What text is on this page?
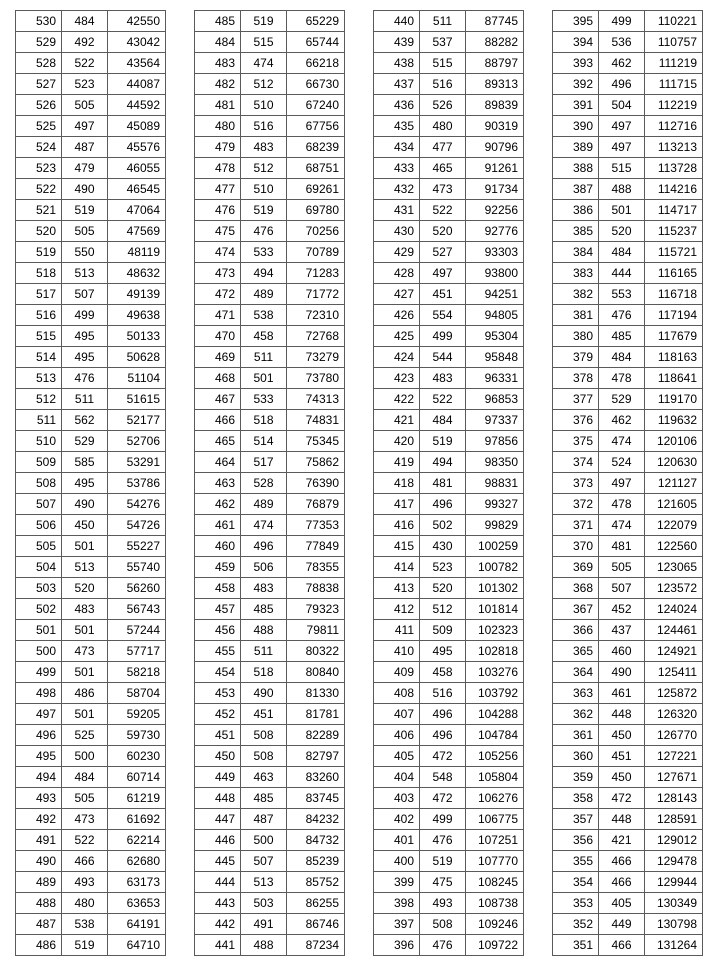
530	484	42550
529	492	43042
528	522	43564
527	523	44087
526	505	44592
525	497	45089
524	487	45576
523	479	46055
522	490	46545
521	519	47064
520	505	47569
519	550	48119
518	513	48632
517	507	49139
516	499	49638
515	495	50133
514	495	50628
513	476	51104
512	511	51615
511	562	52177
510	529	52706
509	585	53291
508	495	53786
507	490	54276
506	450	54726
505	501	55227
504	513	55740
503	520	56260
502	483	56743
501	501	57244
500	473	57717
499	501	58218
498	486	58704
497	501	59205
496	525	59730
495	500	60230
494	484	60714
493	505	61219
492	473	61692
491	522	62214
490	466	62680
489	493	63173
488	480	63653
487	538	64191
486	519	64710
485	519	65229
484	515	65744
483	474	66218
482	512	66730
481	510	67240
480	516	67756
479	483	68239
478	512	68751
477	510	69261
476	519	69780
475	476	70256
474	533	70789
473	494	71283
472	489	71772
471	538	72310
470	458	72768
469	511	73279
468	501	73780
467	533	74313
466	518	74831
465	514	75345
464	517	75862
463	528	76390
462	489	76879
461	474	77353
460	496	77849
459	506	78355
458	483	78838
457	485	79323
456	488	79811
455	511	80322
454	518	80840
453	490	81330
452	451	81781
451	508	82289
450	508	82797
449	463	83260
448	485	83745
447	487	84232
446	500	84732
445	507	85239
444	513	85752
443	503	86255
442	491	86746
441	488	87234
440	511	87745
439	537	88282
438	515	88797
437	516	89313
436	526	89839
435	480	90319
434	477	90796
433	465	91261
432	473	91734
431	522	92256
430	520	92776
429	527	93303
428	497	93800
427	451	94251
426	554	94805
425	499	95304
424	544	95848
423	483	96331
422	522	96853
421	484	97337
420	519	97856
419	494	98350
418	481	98831
417	496	99327
416	502	99829
415	430	100259
414	523	100782
413	520	101302
412	512	101814
411	509	102323
410	495	102818
409	458	103276
408	516	103792
407	496	104288
406	496	104784
405	472	105256
404	548	105804
403	472	106276
402	499	106775
401	476	107251
400	519	107770
399	475	108245
398	493	108738
397	508	109246
396	476	109722
395	499	110221
394	536	110757
393	462	111219
392	496	111715
391	504	112219
390	497	112716
389	497	113213
388	515	113728
387	488	114216
386	501	114717
385	520	115237
384	484	115721
383	444	116165
382	553	116718
381	476	117194
380	485	117679
379	484	118163
378	478	118641
377	529	119170
376	462	119632
375	474	120106
374	524	120630
373	497	121127
372	478	121605
371	474	122079
370	481	122560
369	505	123065
368	507	123572
367	452	124024
366	437	124461
365	460	124921
364	490	125411
363	461	125872
362	448	126320
361	450	126770
360	451	127221
359	450	127671
358	472	128143
357	448	128591
356	421	129012
355	466	129478
354	466	129944
353	405	130349
352	449	130798
351	466	131264
